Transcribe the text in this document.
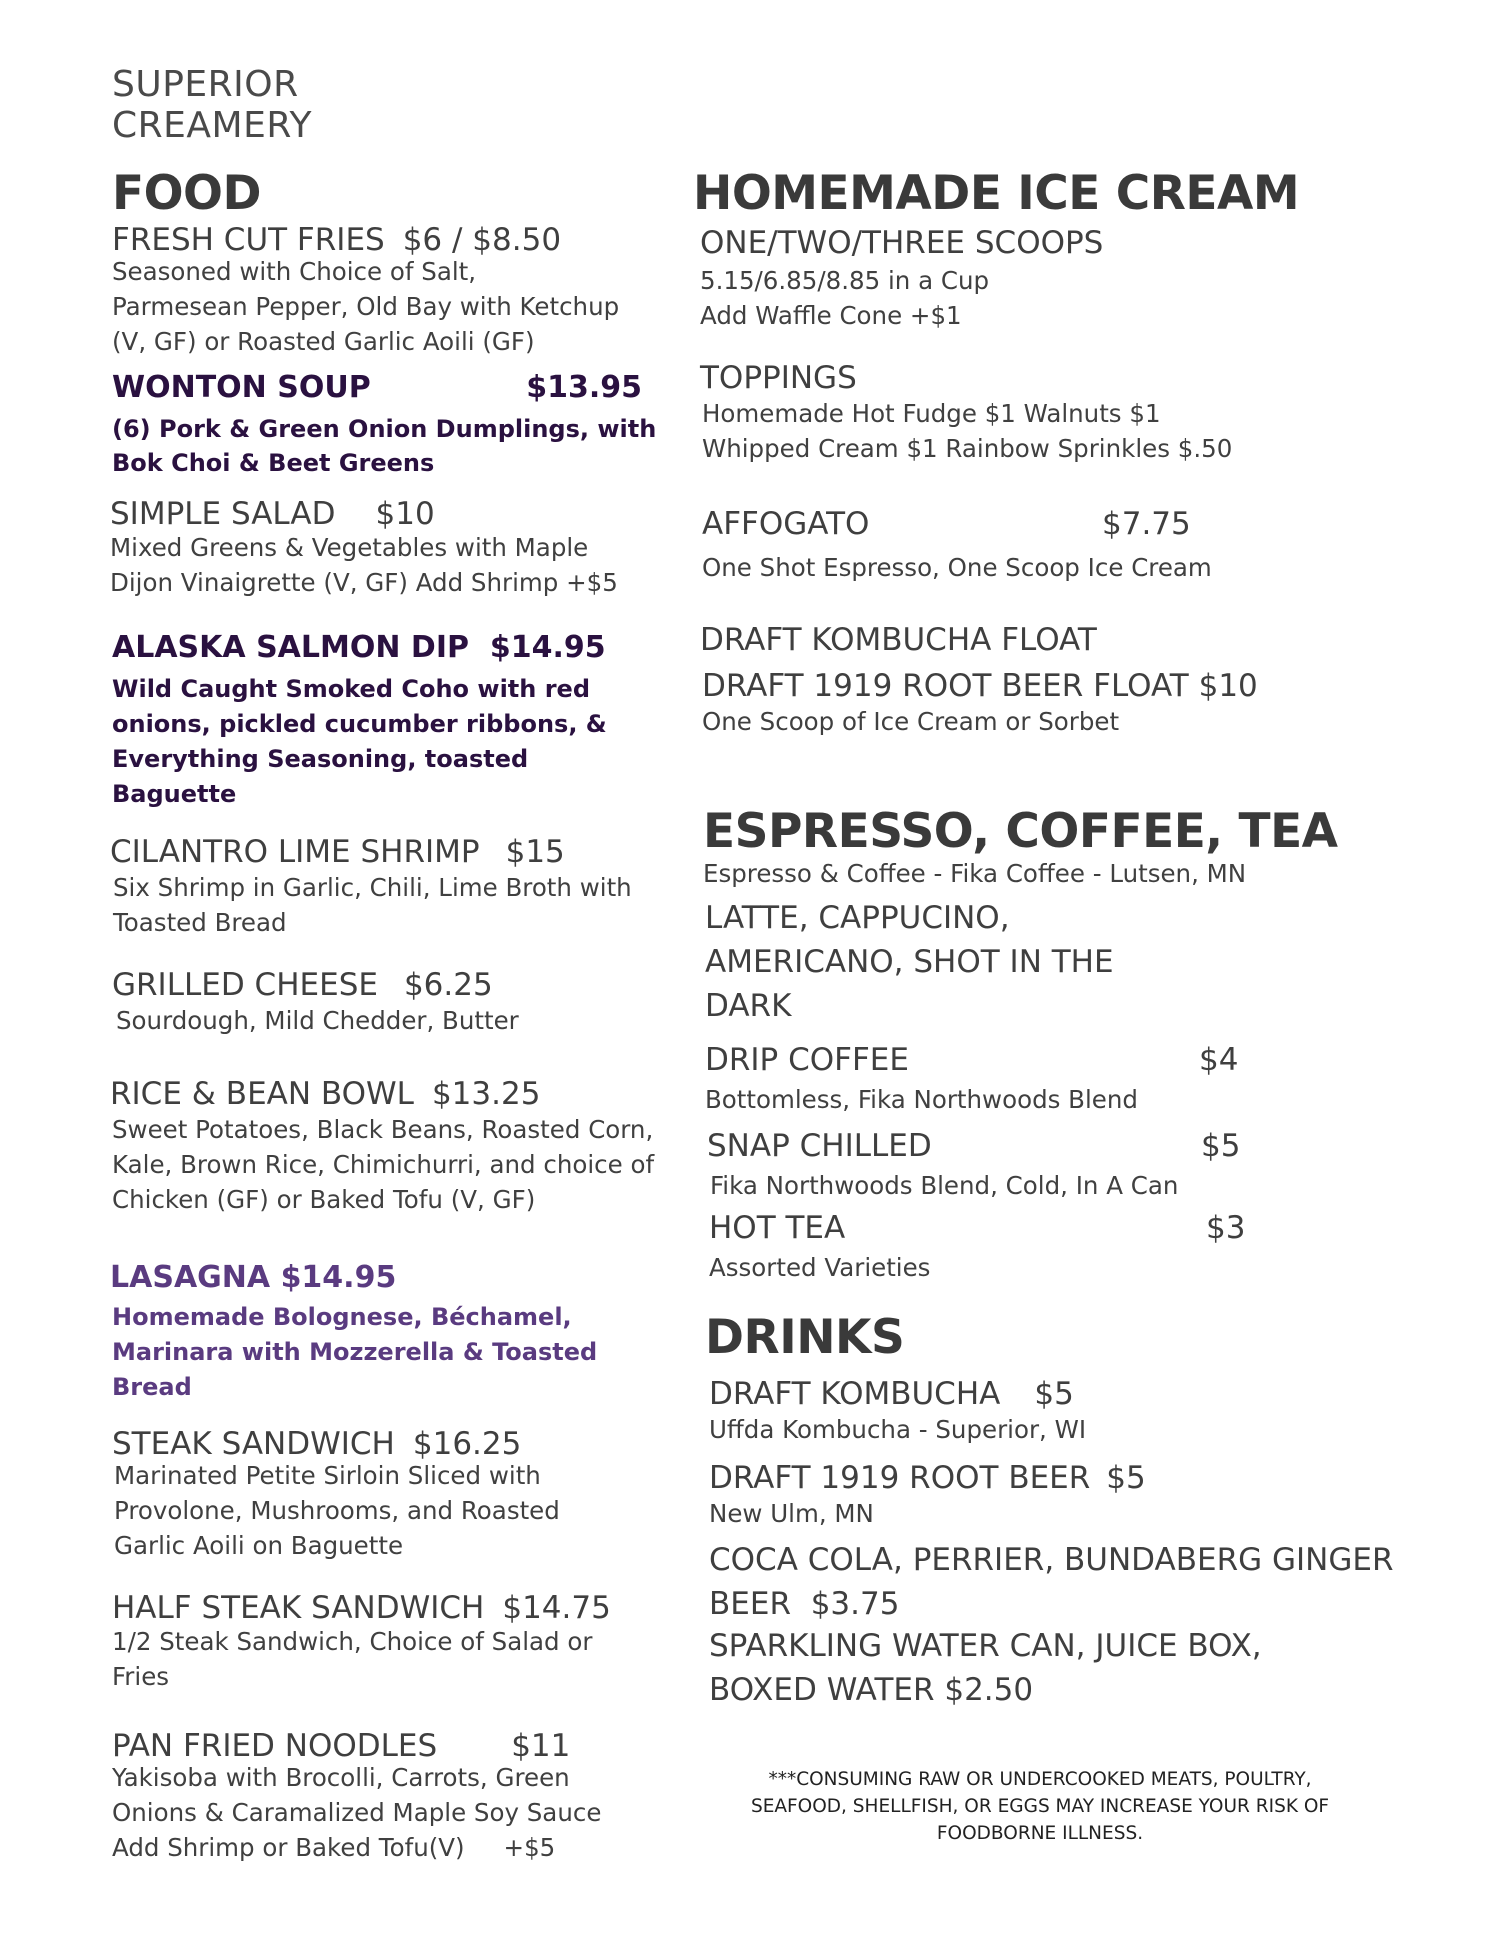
SUPERIOR
CREAMERY
FOOD
FRESH CUT FRIES $6 / $8.50
Seasoned with Choice of Salt,
Parmesean Pepper, Old Bay with Ketchup
(V, GF) or Roasted Garlic Aoili (GF)
WONTON SOUP	$13.95
(6) Pork & Green Onion Dumplings, with
Bok Choi & Beet Greens
SIMPLE SALAD $10
Mixed Greens & Vegetables with Maple
Dijon Vinaigrette (V, GF) Add Shrimp +$5
ALASKA SALMON DIP $14.95
Wild Caught Smoked Coho with red
onions, pickled cucumber ribbons, &
Everything Seasoning, toasted
Baguette
CILANTRO LIME SHRIMP $15
Six Shrimp in Garlic, Chili, Lime Broth with
Toasted Bread
GRILLED CHEESE $6.25
Sourdough, Mild Chedder, Butter
RICE & BEAN BOWL $13.25
Sweet Potatoes, Black Beans, Roasted Corn,
Kale, Brown Rice, Chimichurri, and choice of
Chicken (GF) or Baked Tofu (V, GF)
LASAGNA $14.95
Homemade Bolognese, Béchamel,
Marinara with Mozzerella & Toasted
Bread
STEAK SANDWICH $16.25
Marinated Petite Sirloin Sliced with
Provolone, Mushrooms, and Roasted
Garlic Aoili on Baguette
HALF STEAK SANDWICH $14.75
1/2 Steak Sandwich, Choice of Salad or
Fries
PAN FRIED NOODLES $11
Yakisoba with Brocolli, Carrots, Green
Onions & Caramalized Maple Soy Sauce
Add Shrimp or Baked Tofu(V)     +$5
HOMEMADE ICE CREAM
ONE/TWO/THREE SCOOPS
5.15/6.85/8.85 in a Cup
Add Waffle Cone +$1
TOPPINGS
Homemade Hot Fudge $1 Walnuts $1
Whipped Cream $1 Rainbow Sprinkles $.50
AFFOGATO	$7.75
One Shot Espresso, One Scoop Ice Cream
DRAFT KOMBUCHA FLOAT
DRAFT 1919 ROOT BEER FLOAT $10
One Scoop of Ice Cream or Sorbet
ESPRESSO, COFFEE, TEA
Espresso & Coffee - Fika Coffee - Lutsen, MN
LATTE, CAPPUCINO,
AMERICANO, SHOT IN THE
DARK
DRIP COFFEE	$4
Bottomless, Fika Northwoods Blend
SNAP CHILLED	$5
Fika Northwoods Blend, Cold, In A Can
HOT TEA	$3
Assorted Varieties
DRINKS
DRAFT KOMBUCHA $5
Uffda Kombucha - Superior, WI
DRAFT 1919 ROOT BEER $5
New Ulm, MN
COCA COLA, PERRIER, BUNDABERG GINGER
BEER  $3.75
SPARKLING WATER CAN, JUICE BOX,
BOXED WATER $2.50
***CONSUMING RAW OR UNDERCOOKED MEATS, POULTRY,
SEAFOOD, SHELLFISH, OR EGGS MAY INCREASE YOUR RISK OF
FOODBORNE ILLNESS.
